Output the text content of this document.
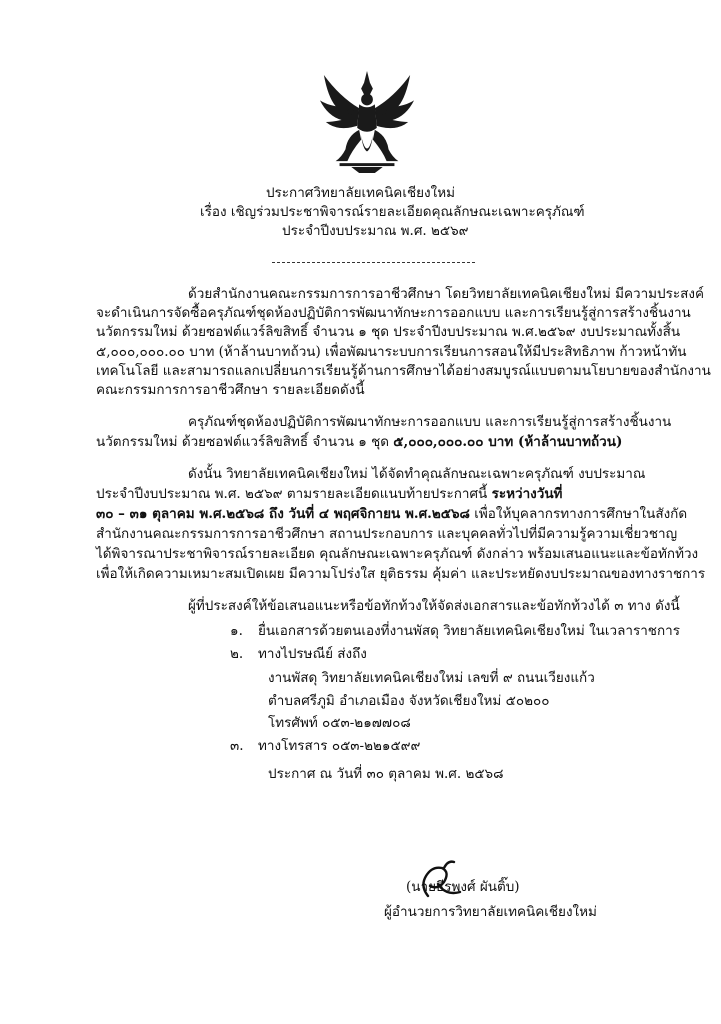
ประกาศวิทยาลัยเทคนิคเชียงใหม่
เรื่อง เชิญร่วมประชาพิจารณ์รายละเอียดคุณลักษณะเฉพาะครุภัณฑ์
ประจำปีงบประมาณ พ.ศ. ๒๕๖๙
ด้วยสำนักงานคณะกรรมการการอาชีวศึกษา โดยวิทยาลัยเทคนิคเชียงใหม่ มีความประสงค์
จะดำเนินการจัดซื้อครุภัณฑ์ชุดห้องปฏิบัติการพัฒนาทักษะการออกแบบ และการเรียนรู้สู่การสร้างชิ้นงาน
นวัตกรรมใหม่ ด้วยซอฟต์แวร์ลิขสิทธิ์ จำนวน ๑ ชุด ประจำปีงบประมาณ พ.ศ.๒๕๖๙ งบประมาณทั้งสิ้น
๕,๐๐๐,๐๐๐.๐๐ บาท (ห้าล้านบาทถ้วน) เพื่อพัฒนาระบบการเรียนการสอนให้มีประสิทธิภาพ ก้าวหน้าทัน
เทคโนโลยี และสามารถแลกเปลี่ยนการเรียนรู้ด้านการศึกษาได้อย่างสมบูรณ์แบบตามนโยบายของสำนักงาน
คณะกรรมการการอาชีวศึกษา รายละเอียดดังนี้
ครุภัณฑ์ชุดห้องปฏิบัติการพัฒนาทักษะการออกแบบ และการเรียนรู้สู่การสร้างชิ้นงาน
นวัตกรรมใหม่ ด้วยซอฟต์แวร์ลิขสิทธิ์ จำนวน ๑ ชุด ๕,๐๐๐,๐๐๐.๐๐ บาท (ห้าล้านบาทถ้วน)
ดังนั้น วิทยาลัยเทคนิคเชียงใหม่ ได้จัดทำคุณลักษณะเฉพาะครุภัณฑ์ งบประมาณ
ประจำปีงบประมาณ พ.ศ. ๒๕๖๙ ตามรายละเอียดแนบท้ายประกาศนี้ ระหว่างวันที่
๓๐ – ๓๑ ตุลาคม พ.ศ.๒๕๖๘ ถึง วันที่ ๔ พฤศจิกายน พ.ศ.๒๕๖๘ เพื่อให้บุคลากรทางการศึกษาในสังกัด
สำนักงานคณะกรรมการการอาชีวศึกษา สถานประกอบการ และบุคคลทั่วไปที่มีความรู้ความเชี่ยวชาญ
ได้พิจารณาประชาพิจารณ์รายละเอียด คุณลักษณะเฉพาะครุภัณฑ์ ดังกล่าว พร้อมเสนอแนะและข้อทักท้วง
เพื่อให้เกิดความเหมาะสมเปิดเผย มีความโปร่งใส ยุติธรรม คุ้มค่า และประหยัดงบประมาณของทางราชการ
ผู้ที่ประสงค์ให้ข้อเสนอแนะหรือข้อทักท้วงให้จัดส่งเอกสารและข้อทักท้วงได้ ๓ ทาง ดังนี้
๑. ยื่นเอกสารด้วยตนเองที่งานพัสดุ วิทยาลัยเทคนิคเชียงใหม่ ในเวลาราชการ
๒. ทางไปรษณีย์ ส่งถึง
งานพัสดุ วิทยาลัยเทคนิคเชียงใหม่ เลขที่ ๙ ถนนเวียงแก้ว
ตำบลศรีภูมิ อำเภอเมือง จังหวัดเชียงใหม่ ๕๐๒๐๐
โทรศัพท์ ๐๕๓-๒๑๗๗๐๘
๓. ทางโทรสาร ๐๕๓-๒๒๑๕๙๙
ประกาศ ณ วันที่ ๓๐ ตุลาคม พ.ศ. ๒๕๖๘
(นายธีรพงศ์ ผันติ๊บ)
ผู้อำนวยการวิทยาลัยเทคนิคเชียงใหม่
